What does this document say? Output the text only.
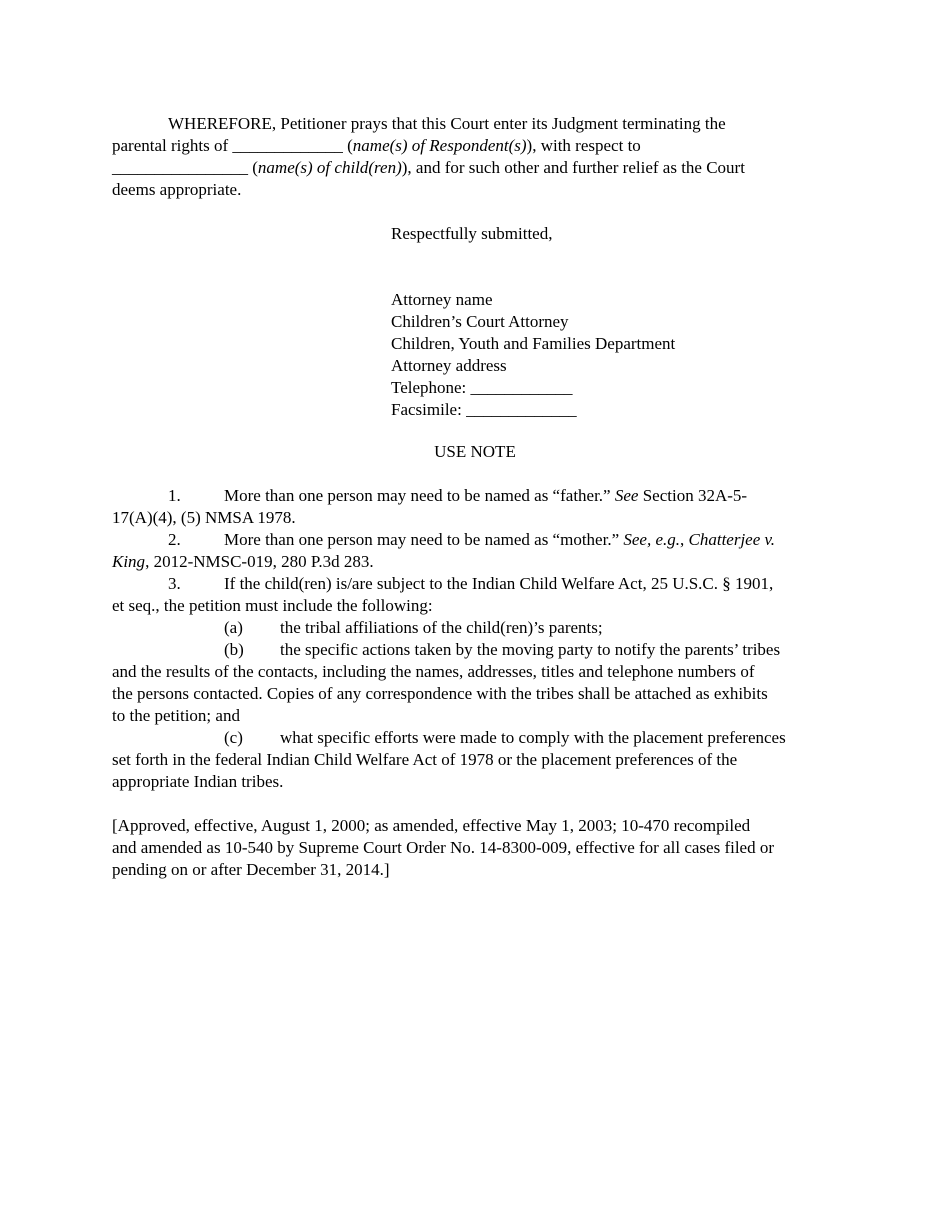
WHEREFORE, Petitioner prays that this Court enter its Judgment terminating the
parental rights of _____________ (name(s) of Respondent(s)), with respect to
________________ (name(s) of child(ren)), and for such other and further relief as the Court
deems appropriate.
Respectfully submitted,
Attorney name
Children’s Court Attorney
Children, Youth and Families Department
Attorney address
Telephone: ____________
Facsimile: _____________
USE NOTE
1.	More than one person may need to be named as “father.” See Section 32A-5-
17(A)(4), (5) NMSA 1978.
2.	More than one person may need to be named as “mother.” See, e.g., Chatterjee v.
King, 2012-NMSC-019, 280 P.3d 283.
3.	If the child(ren) is/are subject to the Indian Child Welfare Act, 25 U.S.C. § 1901,
et seq., the petition must include the following:
(a) the tribal affiliations of the child(ren)’s parents;
(b) the specific actions taken by the moving party to notify the parents’ tribes
and the results of the contacts, including the names, addresses, titles and telephone numbers of
the persons contacted. Copies of any correspondence with the tribes shall be attached as exhibits
to the petition; and
(c) what specific efforts were made to comply with the placement preferences
set forth in the federal Indian Child Welfare Act of 1978 or the placement preferences of the
appropriate Indian tribes.
[Approved, effective, August 1, 2000; as amended, effective May 1, 2003; 10-470 recompiled
and amended as 10-540 by Supreme Court Order No. 14-8300-009, effective for all cases filed or
pending on or after December 31, 2014.]
